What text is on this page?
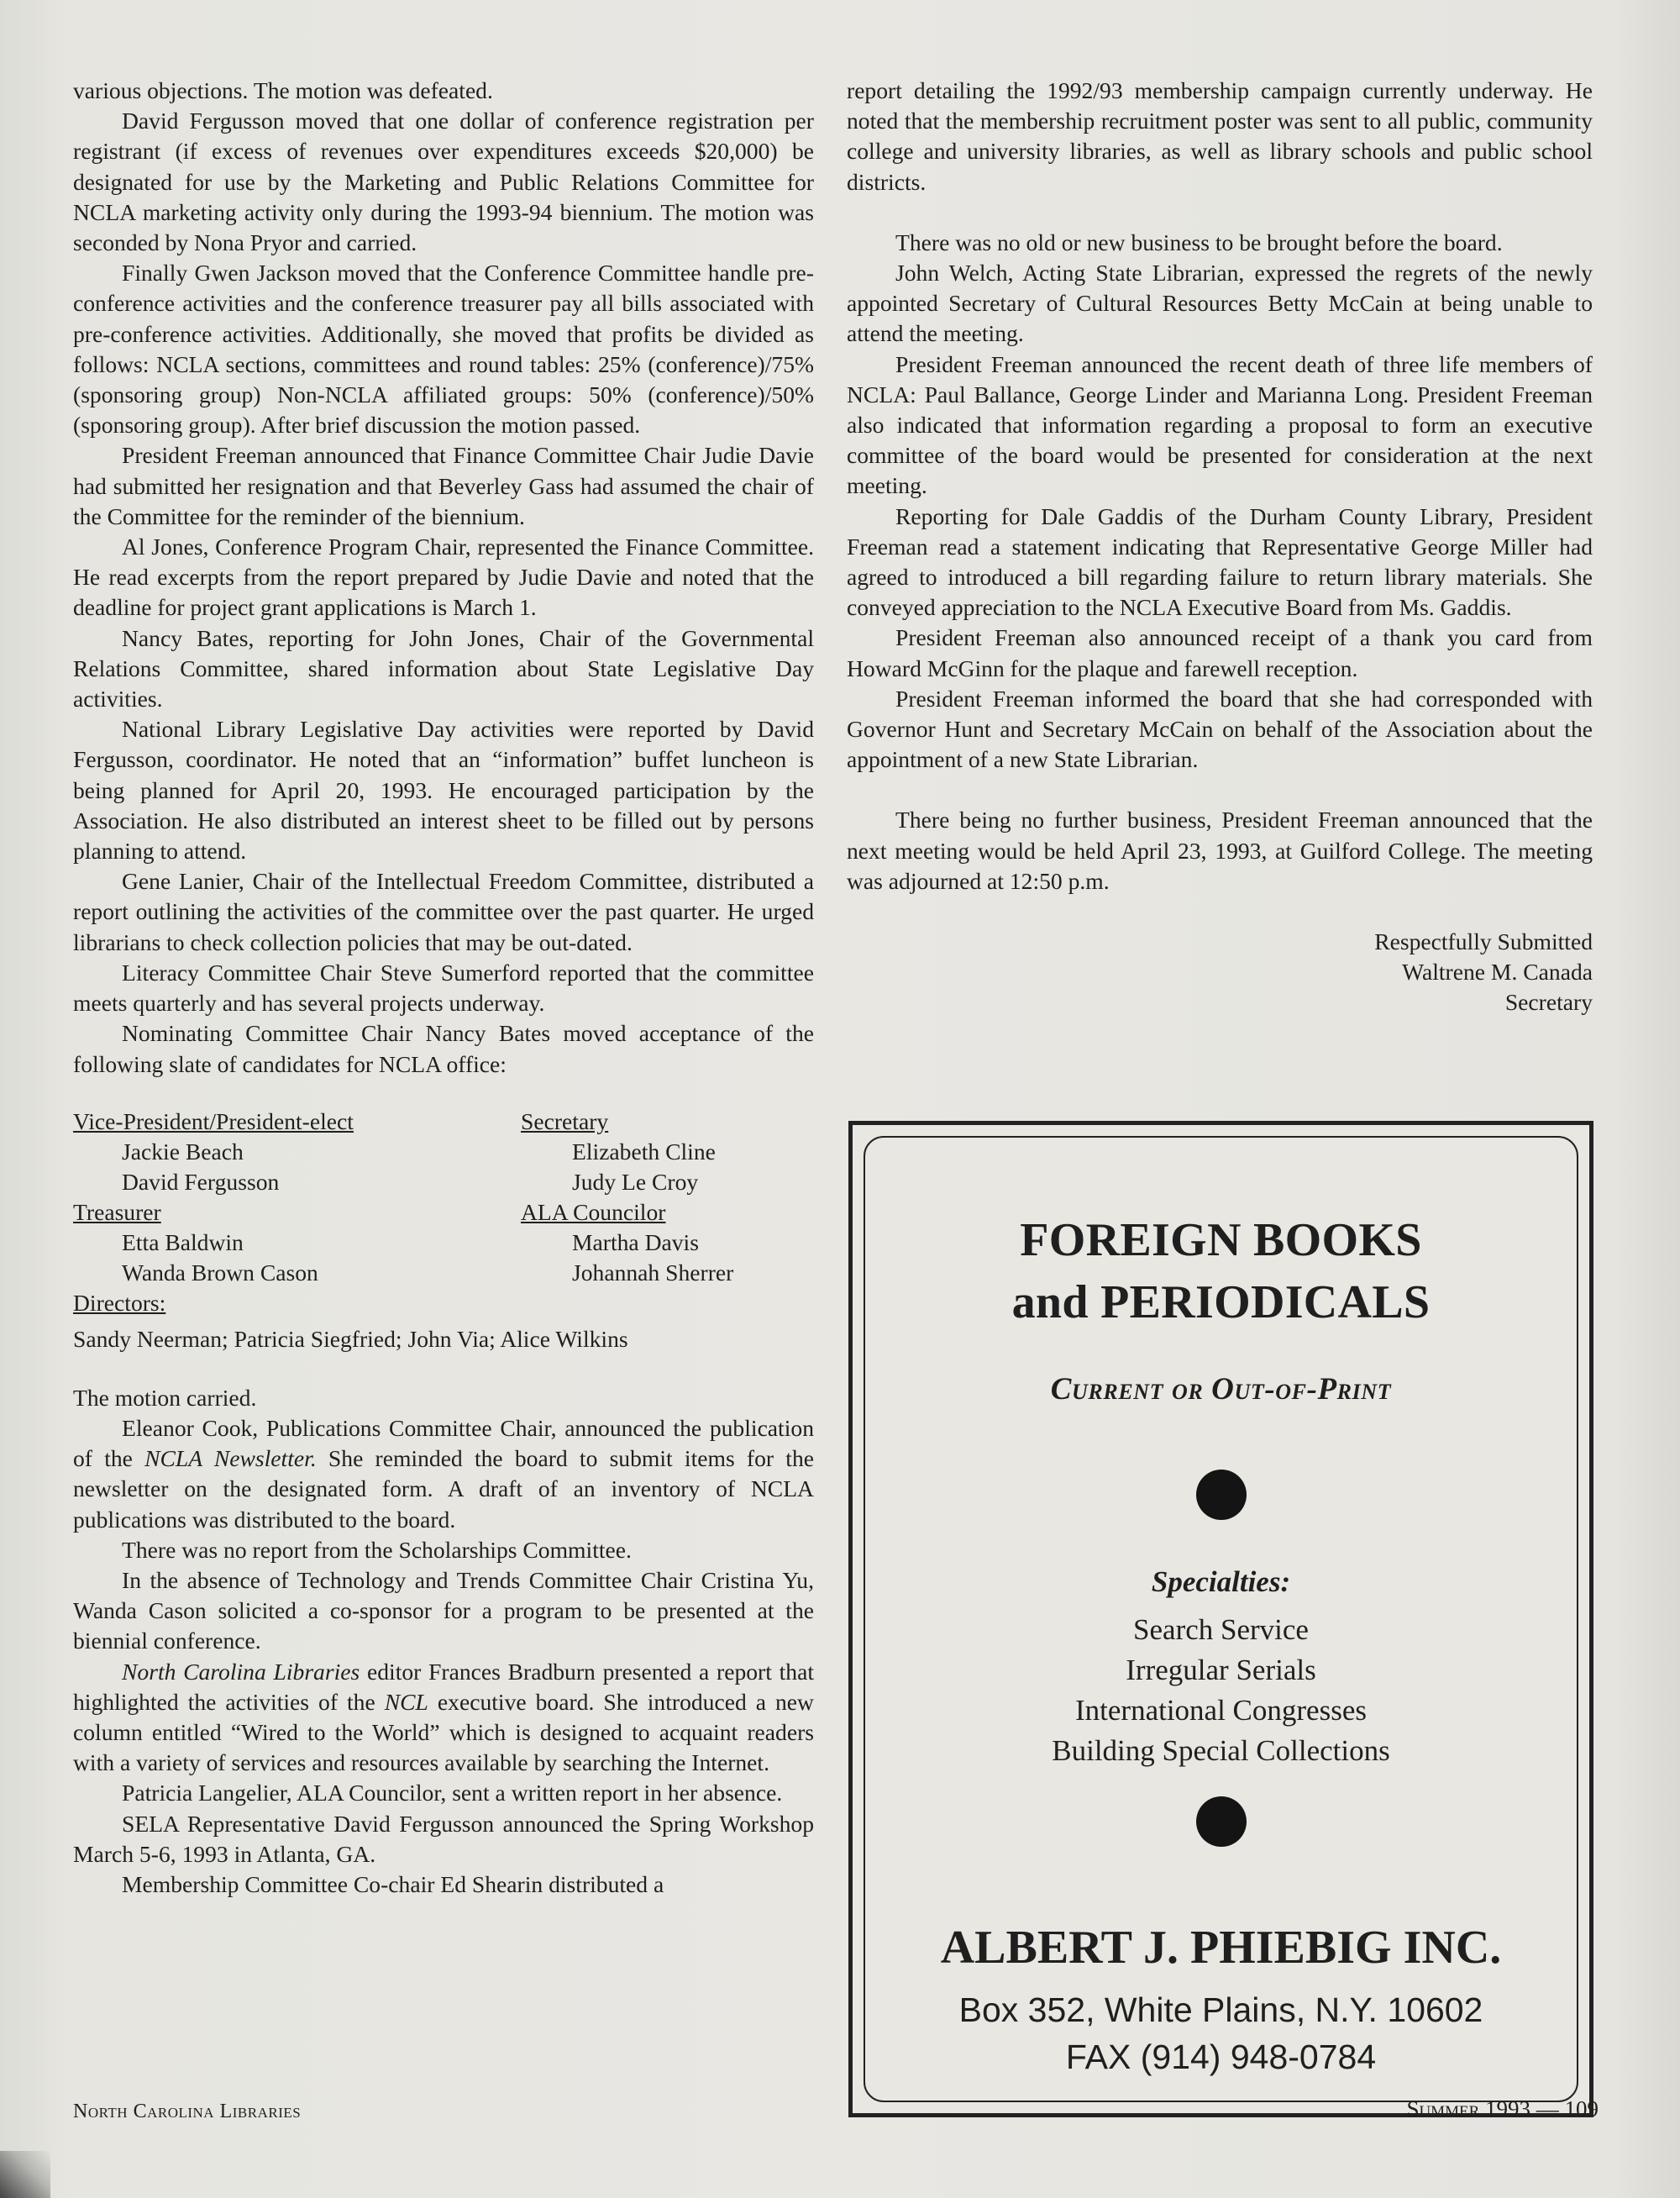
various objections. The motion was defeated.

David Fergusson moved that one dollar of conference registration per registrant (if excess of revenues over expenditures exceeds $20,000) be designated for use by the Marketing and Public Relations Committee for NCLA marketing activity only during the 1993-94 biennium. The motion was seconded by Nona Pryor and carried.

Finally Gwen Jackson moved that the Conference Committee handle pre-conference activities and the conference treasurer pay all bills associated with pre-conference activities. Additionally, she moved that profits be divided as follows: NCLA sections, committees and round tables: 25% (conference)/75% (sponsoring group) Non-NCLA affiliated groups: 50% (conference)/50% (sponsoring group). After brief discussion the motion passed.

President Freeman announced that Finance Committee Chair Judie Davie had submitted her resignation and that Beverley Gass had assumed the chair of the Committee for the reminder of the biennium.

Al Jones, Conference Program Chair, represented the Finance Committee. He read excerpts from the report prepared by Judie Davie and noted that the deadline for project grant applications is March 1.

Nancy Bates, reporting for John Jones, Chair of the Governmental Relations Committee, shared information about State Legislative Day activities.

National Library Legislative Day activities were reported by David Fergusson, coordinator. He noted that an “information” buffet luncheon is being planned for April 20, 1993. He encouraged participation by the Association. He also distributed an interest sheet to be filled out by persons planning to attend.

Gene Lanier, Chair of the Intellectual Freedom Committee, distributed a report outlining the activities of the committee over the past quarter. He urged librarians to check collection policies that may be out-dated.

Literacy Committee Chair Steve Sumerford reported that the committee meets quarterly and has several projects underway.

Nominating Committee Chair Nancy Bates moved acceptance of the following slate of candidates for NCLA office:

Vice-President/President-elect
Jackie Beach
David Fergusson
Treasurer
Etta Baldwin
Wanda Brown Cason
Directors:
Secretary
Elizabeth Cline
Judy Le Croy
ALA Councilor
Martha Davis
Johannah Sherrer
Sandy Neerman; Patricia Siegfried; John Via; Alice Wilkins

The motion carried.

Eleanor Cook, Publications Committee Chair, announced the publication of the NCLA Newsletter. She reminded the board to submit items for the newsletter on the designated form. A draft of an inventory of NCLA publications was distributed to the board.

There was no report from the Scholarships Committee.

In the absence of Technology and Trends Committee Chair Cristina Yu, Wanda Cason solicited a co-sponsor for a program to be presented at the biennial conference.

North Carolina Libraries editor Frances Bradburn presented a report that highlighted the activities of the NCL executive board. She introduced a new column entitled “Wired to the World” which is designed to acquaint readers with a variety of services and resources available by searching the Internet.

Patricia Langelier, ALA Councilor, sent a written report in her absence.

SELA Representative David Fergusson announced the Spring Workshop March 5-6, 1993 in Atlanta, GA.

Membership Committee Co-chair Ed Shearin distributed a

report detailing the 1992/93 membership campaign currently underway. He noted that the membership recruitment poster was sent to all public, community college and university libraries, as well as library schools and public school districts.

There was no old or new business to be brought before the board.

John Welch, Acting State Librarian, expressed the regrets of the newly appointed Secretary of Cultural Resources Betty McCain at being unable to attend the meeting.

President Freeman announced the recent death of three life members of NCLA: Paul Ballance, George Linder and Marianna Long. President Freeman also indicated that information regarding a proposal to form an executive committee of the board would be presented for consideration at the next meeting.

Reporting for Dale Gaddis of the Durham County Library, President Freeman read a statement indicating that Representative George Miller had agreed to introduced a bill regarding failure to return library materials. She conveyed appreciation to the NCLA Executive Board from Ms. Gaddis.

President Freeman also announced receipt of a thank you card from Howard McGinn for the plaque and farewell reception.

President Freeman informed the board that she had corresponded with Governor Hunt and Secretary McCain on behalf of the Association about the appointment of a new State Librarian.

There being no further business, President Freeman announced that the next meeting would be held April 23, 1993, at Guilford College. The meeting was adjourned at 12:50 p.m.

Respectfully Submitted
Waltrene M. Canada
Secretary
FOREIGN BOOKS
and PERIODICALS
Current or Out-of-Print
Specialties:
Search Service
Irregular Serials
International Congresses
Building Special Collections
ALBERT J. PHIEBIG INC.
Box 352, White Plains, N.Y. 10602
FAX (914) 948-0784
North Carolina Libraries	Summer 1993 — 109
